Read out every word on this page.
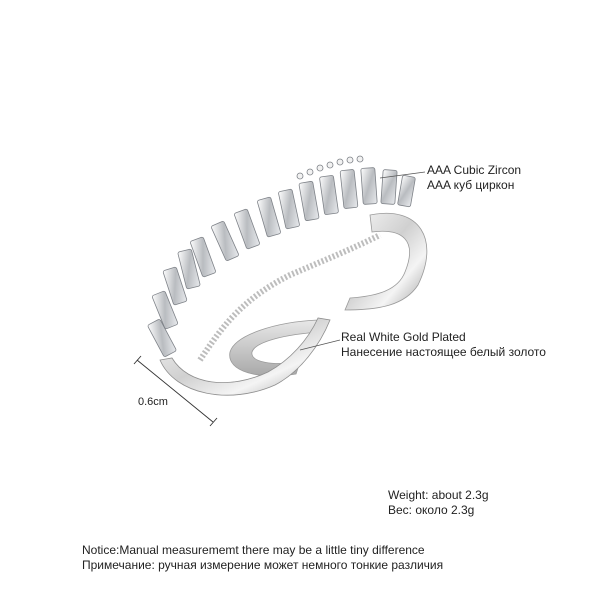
AAA Cubic Zircon
AAA куб циркон
Real White Gold Plated
Нанесение настоящее белый золото
0.6cm
Weight: about 2.3g
Вес: около 2.3g
Notice:Manual measurememt there may be a little tiny difference
Примечание: ручная измерение может немного тонкие различия
